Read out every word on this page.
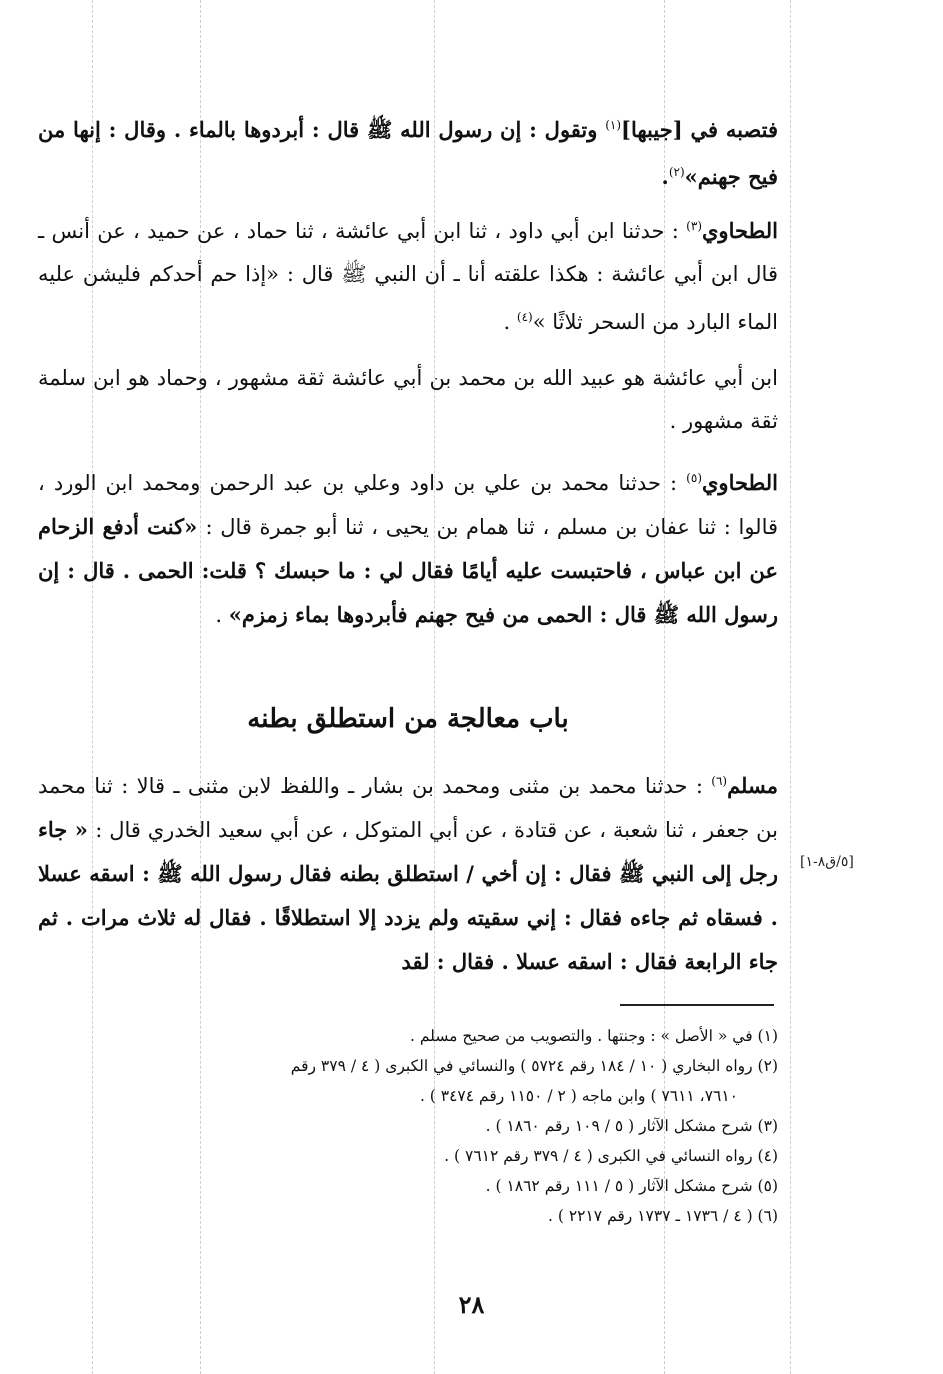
فتصبه في [جيبها]$^{(١)}$ وتقول : إن رسول الله ﷺ قال : أبردوها بالماء . وقال : إنها من فيح جهنم»$^{(٢)}$.

الطحاوي$^{(٣)}$ : حدثنا ابن أبي داود ، ثنا ابن أبي عائشة ، ثنا حماد ، عن حميد ، عن أنس ـ قال ابن أبي عائشة : هكذا علقته أنا ـ أن النبي ﷺ قال : «إذا حم أحدكم فليشن عليه الماء البارد من السحر ثلاثًا »$^{(٤)}$ .

ابن أبي عائشة هو عبيد الله بن محمد بن أبي عائشة ثقة مشهور ، وحماد هو ابن سلمة ثقة مشهور .

الطحاوي$^{(٥)}$ : حدثنا محمد بن علي بن داود وعلي بن عبد الرحمن ومحمد ابن الورد ، قالوا : ثنا عفان بن مسلم ، ثنا همام بن يحيى ، ثنا أبو جمرة قال : «كنت أدفع الزحام عن ابن عباس ، فاحتبست عليه أيامًا فقال لي : ما حبسك ؟ قلت: الحمى . قال : إن رسول الله ﷺ قال : الحمى من فيح جهنم فأبردوها بماء زمزم» .

باب معالجة من استطلق بطنه

مسلم$^{(٦)}$ : حدثنا محمد بن مثنى ومحمد بن بشار ـ واللفظ لابن مثنى ـ قالا : ثنا محمد بن جعفر ، ثنا شعبة ، عن قتادة ، عن أبي المتوكل ، عن أبي سعيد الخدري قال : « جاء رجل إلى النبي ﷺ فقال : إن أخي / استطلق بطنه فقال رسول الله ﷺ : اسقه عسلا . فسقاه ثم جاءه فقال : إني سقيته ولم يزدد إلا استطلاقًا . فقال له ثلاث مرات . ثم جاء الرابعة فقال : اسقه عسلا . فقال : لقد

[٥/ق٨-١]

(١) في « الأصل » : وجنتها . والتصويب من صحيح مسلم .

(٢) رواه البخاري ( ١٠ / ١٨٤ رقم ٥٧٢٤ ) والنسائي في الكبرى ( ٤ / ٣٧٩ رقم

٧٦١٠، ٧٦١١ ) وابن ماجه ( ٢ / ١١٥٠ رقم ٣٤٧٤ ) .

(٣) شرح مشكل الآثار ( ٥ / ١٠٩ رقم ١٨٦٠ ) .

(٤) رواه النسائي في الكبرى ( ٤ / ٣٧٩ رقم ٧٦١٢ ) .

(٥) شرح مشكل الآثار ( ٥ / ١١١ رقم ١٨٦٢ ) .

(٦) ( ٤ / ١٧٣٦ ـ ١٧٣٧ رقم ٢٢١٧ ) .

٢٨
